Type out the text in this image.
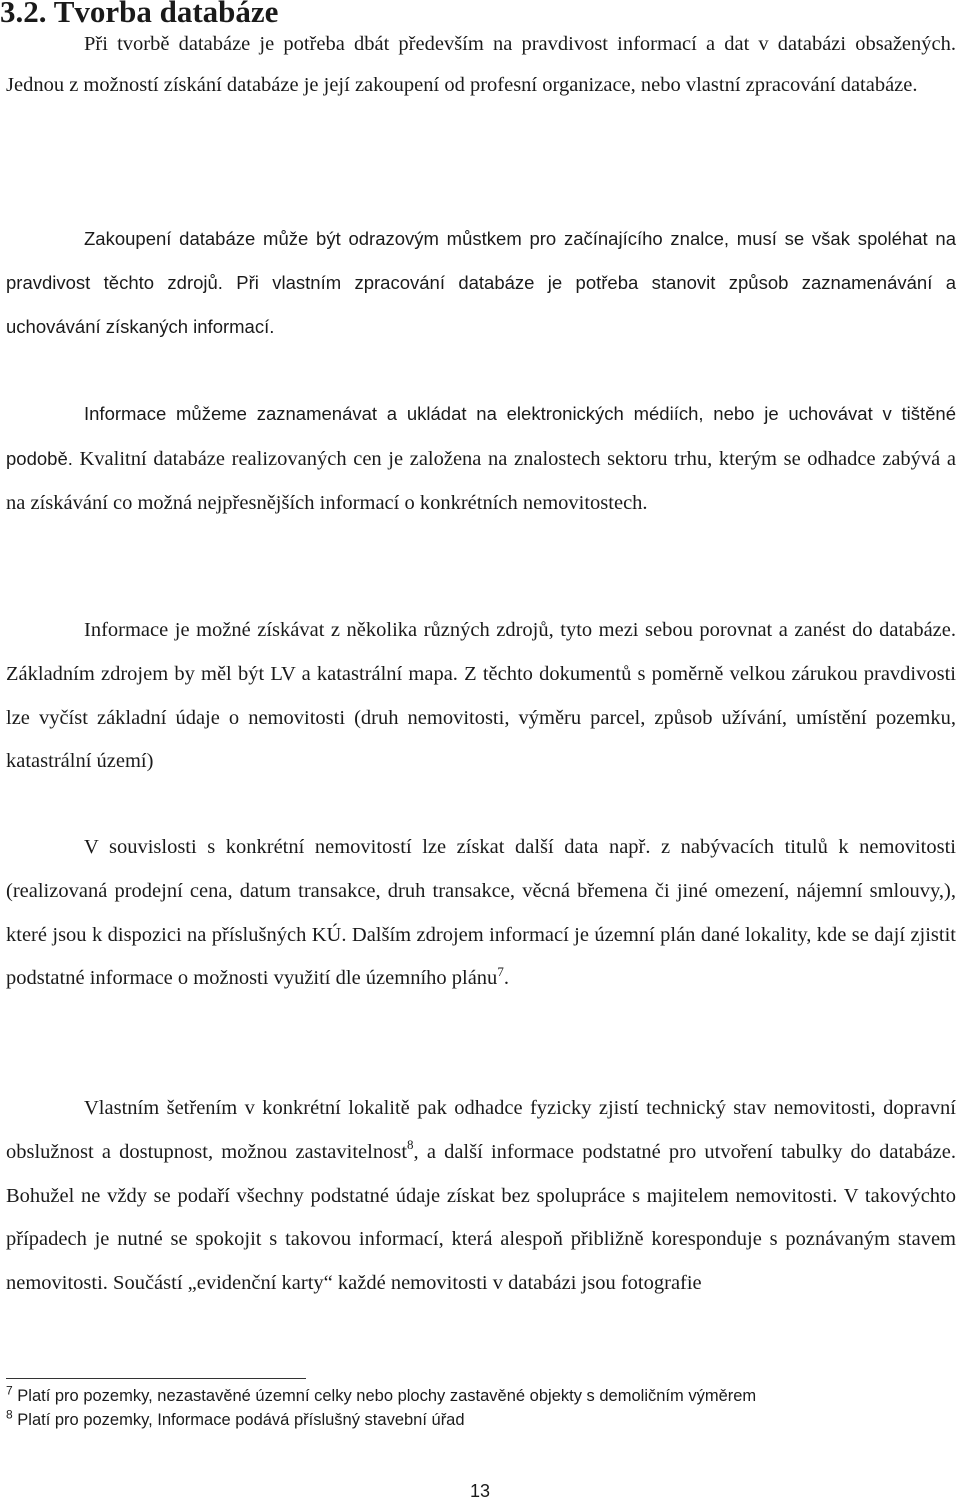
3.2. Tvorba databáze

Při tvorbě databáze je potřeba dbát především na pravdivost informací a dat v databázi obsažených. Jednou z možností získání databáze je její zakoupení od profesní organizace, nebo vlastní zpracování databáze.

Zakoupení databáze může být odrazovým můstkem pro začínajícího znalce, musí se však spoléhat na pravdivost těchto zdrojů. Při vlastním zpracování databáze je potřeba stanovit způsob zaznamenávání a uchovávání získaných informací.

Informace můžeme zaznamenávat a ukládat na elektronických médiích, nebo je uchovávat v tištěné podobě. Kvalitní databáze realizovaných cen je založena na znalostech sektoru trhu, kterým se odhadce zabývá a na získávání co možná nejpřesnějších informací o konkrétních nemovitostech.

Informace je možné získávat z několika různých zdrojů, tyto mezi sebou porovnat a zanést do databáze. Základním zdrojem by měl být LV a katastrální mapa. Z těchto dokumentů s poměrně velkou zárukou pravdivosti lze vyčíst základní údaje o nemovitosti (druh nemovitosti, výměru parcel, způsob užívání, umístění pozemku, katastrální území)

V souvislosti s konkrétní nemovitostí lze získat další data např. z nabývacích titulů k nemovitosti (realizovaná prodejní cena, datum transakce, druh transakce, věcná břemena či jiné omezení, nájemní smlouvy,), které jsou k dispozici na příslušných KÚ. Dalším zdrojem informací je územní plán dané lokality, kde se dají zjistit podstatné informace o možnosti využití dle územního plánu$^7$.

Vlastním šetřením v konkrétní lokalitě pak odhadce fyzicky zjistí technický stav nemovitosti, dopravní obslužnost a dostupnost, možnou zastavitelnost$^8$, a další informace podstatné pro utvoření tabulky do databáze. Bohužel ne vždy se podaří všechny podstatné údaje získat bez spolupráce s majitelem nemovitosti. V takovýchto případech je nutné se spokojit s takovou informací, která alespoň přibližně koresponduje s poznávaným stavem nemovitosti. Součástí „evidenční karty“ každé nemovitosti v databázi jsou fotografie

$^7$ Platí pro pozemky, nezastavěné územní celky nebo plochy zastavěné objekty s demoličním výměrem

$^8$ Platí pro pozemky, Informace podává příslušný stavební úřad

13
